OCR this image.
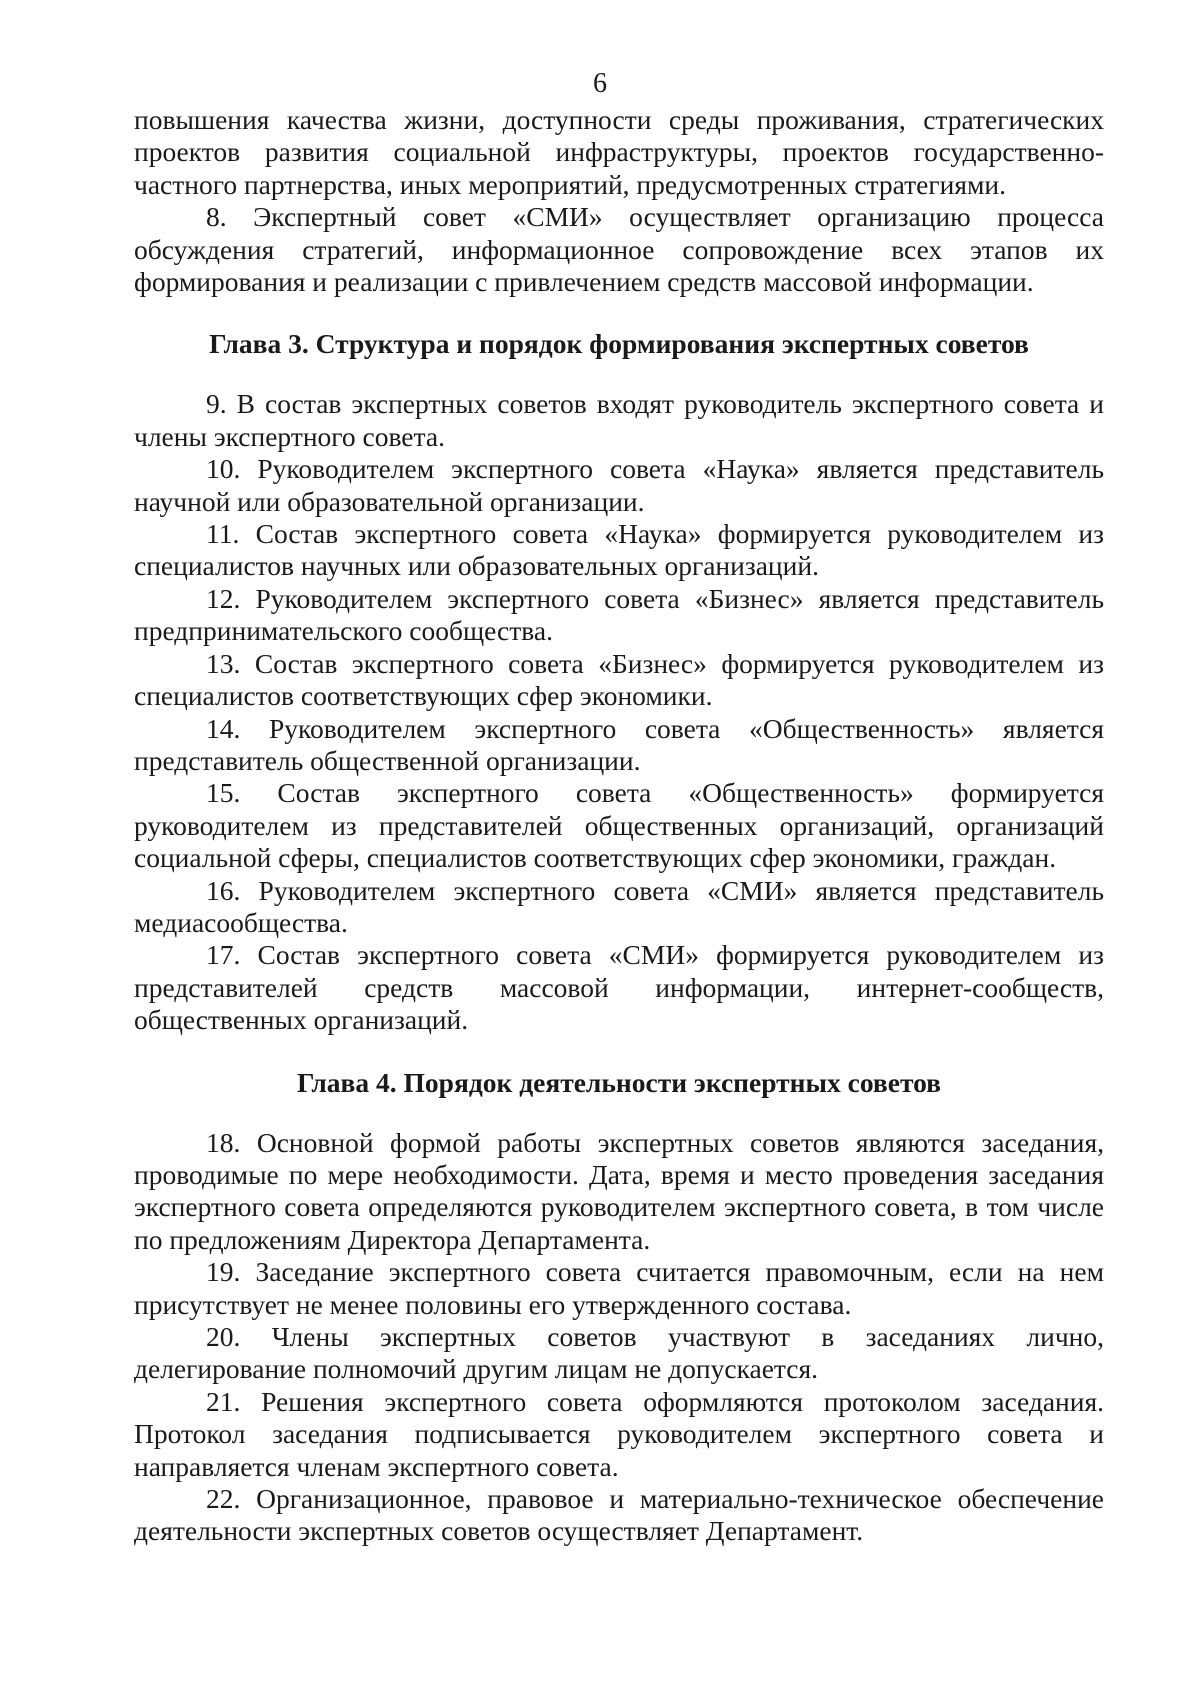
6

повышения качества жизни, доступности среды проживания, стратегических проектов развития социальной инфраструктуры, проектов государственно-частного партнерства, иных мероприятий, предусмотренных стратегиями.

8. Экспертный совет «СМИ» осуществляет организацию процесса обсуждения стратегий, информационное сопровождение всех этапов их формирования и реализации с привлечением средств массовой информации.

Глава 3. Структура и порядок формирования экспертных советов

9. В состав экспертных советов входят руководитель экспертного совета и члены экспертного совета.

10. Руководителем экспертного совета «Наука» является представитель научной или образовательной организации.

11. Состав экспертного совета «Наука» формируется руководителем из специалистов научных или образовательных организаций.

12. Руководителем экспертного совета «Бизнес» является представитель предпринимательского сообщества.

13. Состав экспертного совета «Бизнес» формируется руководителем из специалистов соответствующих сфер экономики.

14. Руководителем экспертного совета «Общественность» является представитель общественной организации.

15. Состав экспертного совета «Общественность» формируется руководителем из представителей общественных организаций, организаций социальной сферы, специалистов соответствующих сфер экономики, граждан.

16. Руководителем экспертного совета «СМИ» является представитель медиасообщества.

17. Состав экспертного совета «СМИ» формируется руководителем из представителей средств массовой информации, интернет-сообществ, общественных организаций.

Глава 4. Порядок деятельности экспертных советов

18. Основной формой работы экспертных советов являются заседания, проводимые по мере необходимости. Дата, время и место проведения заседания экспертного совета определяются руководителем экспертного совета, в том числе по предложениям Директора Департамента.

19. Заседание экспертного совета считается правомочным, если на нем присутствует не менее половины его утвержденного состава.

20. Члены экспертных советов участвуют в заседаниях лично, делегирование полномочий другим лицам не допускается.

21. Решения экспертного совета оформляются протоколом заседания. Протокол заседания подписывается руководителем экспертного совета и направляется членам экспертного совета.

22. Организационное, правовое и материально-техническое обеспечение деятельности экспертных советов осуществляет Департамент.
